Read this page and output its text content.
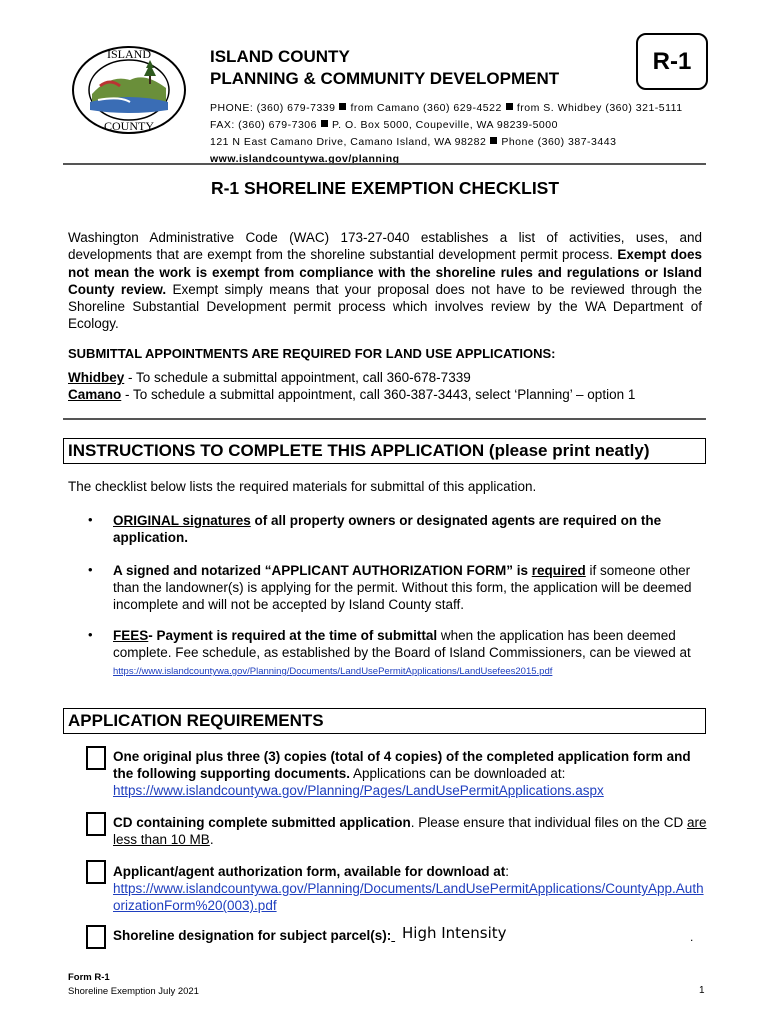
ISLAND
COUNTY
ISLAND COUNTY
PLANNING & COMMUNITY DEVELOPMENT
PHONE: (360) 679-7339 from Camano (360) 629-4522 from S. Whidbey (360) 321-5111
FAX: (360) 679-7306 P. O. Box 5000, Coupeville, WA 98239-5000
121 N East Camano Drive, Camano Island, WA 98282 Phone (360) 387-3443
www.islandcountywa.gov/planning
R-1
R-1 SHORELINE EXEMPTION CHECKLIST
Washington Administrative Code (WAC) 173-27-040 establishes a list of activities, uses, and developments that are exempt from the shoreline substantial development permit process. Exempt does not mean the work is exempt from compliance with the shoreline rules and regulations or Island County review. Exempt simply means that your proposal does not have to be reviewed through the Shoreline Substantial Development permit process which involves review by the WA Department of Ecology.
SUBMITTAL APPOINTMENTS ARE REQUIRED FOR LAND USE APPLICATIONS:
Whidbey - To schedule a submittal appointment, call 360-678-7339
Camano - To schedule a submittal appointment, call 360-387-3443, select ‘Planning’ – option 1
INSTRUCTIONS TO COMPLETE THIS APPLICATION (please print neatly)
The checklist below lists the required materials for submittal of this application.
• ORIGINAL signatures of all property owners or designated agents are required on the application.
• A signed and notarized “APPLICANT AUTHORIZATION FORM” is required if someone other than the landowner(s) is applying for the permit. Without this form, the application will be deemed incomplete and will not be accepted by Island County staff.
• FEES- Payment is required at the time of submittal when the application has been deemed complete. Fee schedule, as established by the Board of Island Commissioners, can be viewed at https://www.islandcountywa.gov/Planning/Documents/LandUsePermitApplications/LandUsefees2015.pdf
APPLICATION REQUIREMENTS
One original plus three (3) copies (total of 4 copies) of the completed application form and the following supporting documents. Applications can be downloaded at:
https://www.islandcountywa.gov/Planning/Pages/LandUsePermitApplications.aspx
CD containing complete submitted application. Please ensure that individual files on the CD are less than 10 MB.
Applicant/agent authorization form, available for download at:
https://www.islandcountywa.gov/Planning/Documents/LandUsePermitApplications/CountyApp.AuthorizationForm%20(003).pdf
Shoreline designation for subject parcel(s): High Intensity	.
Form R-1
Shoreline Exemption July 2021	1
